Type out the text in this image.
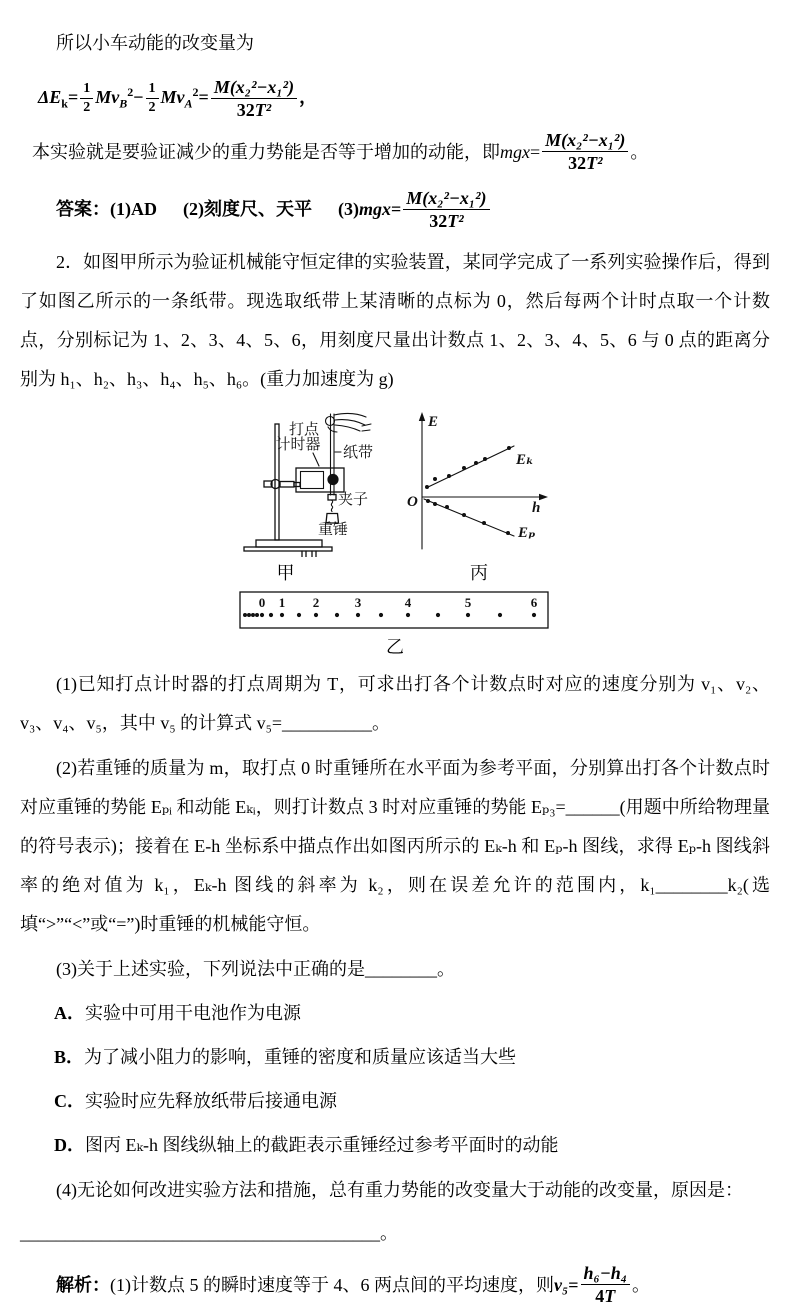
所以小车动能的改变量为

$\Delta E_k= \frac{1}{2} Mv_B^2- \frac{1}{2} Mv_A^2= \frac{\text{M(x₂²−x₁²)}}{\text{32T²}}$ ，
本实验就是要验证减少的重力势能是否等于增加的动能，即$mgx= \frac{\text{M(x₂²−x₁²)}}{\text{32T²}}$ 。
答案：(1)AD (2)刻度尺、天平 $(3)mgx= \frac{\text{M(x₂²−x₁²)}}{\text{32T²}}$

2．如图甲所示为验证机械能守恒定律的实验装置，某同学完成了一系列实验操作后，得到了如图乙所示的一条纸带。现选取纸带上某清晰的点标为 0，然后每两个计时点取一个计数点，分别标记为 1、2、3、4、5、6，用刻度尺量出计数点 1、2、3、4、5、6 与 0 点的距离分别为 h₁、h₂、h₃、h₄、h₅、h₆。(重力加速度为 g)

打点
计时器 纸带
夹子
重锤
甲
E
O	h
Eₖ
Eₚ
丙
0 1 2	3	4	5	6
乙

(1)已知打点计时器的打点周期为 T，可求出打各个计数点时对应的速度分别为 v₁、v₂、v₃、v₄、v₅，其中 v₅ 的计算式 v₅=__________。

(2)若重锤的质量为 m，取打点 0 时重锤所在水平面为参考平面，分别算出打各个计数点时对应重锤的势能 Eₚᵢ 和动能 Eₖᵢ，则打计数点 3 时对应重锤的势能 Eₚ₃=______(用题中所给物理量的符号表示)；接着在 E-h 坐标系中描点作出如图丙所示的 Eₖ-h 和 Eₚ-h 图线，求得 Eₚ-h 图线斜率的绝对值为 k₁，Eₖ-h 图线的斜率为 k₂，则在误差允许的范围内，k₁________k₂(选填“>”“<”或“=”)时重锤的机械能守恒。

(3)关于上述实验，下列说法中正确的是________。

A．实验中可用干电池作为电源

B．为了减小阻力的影响，重锤的密度和质量应该适当大些

C．实验时应先释放纸带后接通电源

D．图丙 Eₖ-h 图线纵轴上的截距表示重锤经过参考平面时的动能

(4)无论如何改进实验方法和措施，总有重力势能的改变量大于动能的改变量，原因是：

________________________________________。

解析：(1)计数点 5 的瞬时速度等于 4、6 两点间的平均速度，则$v_5= \frac{\text{h₆−h₄}}{4T}$ 。
